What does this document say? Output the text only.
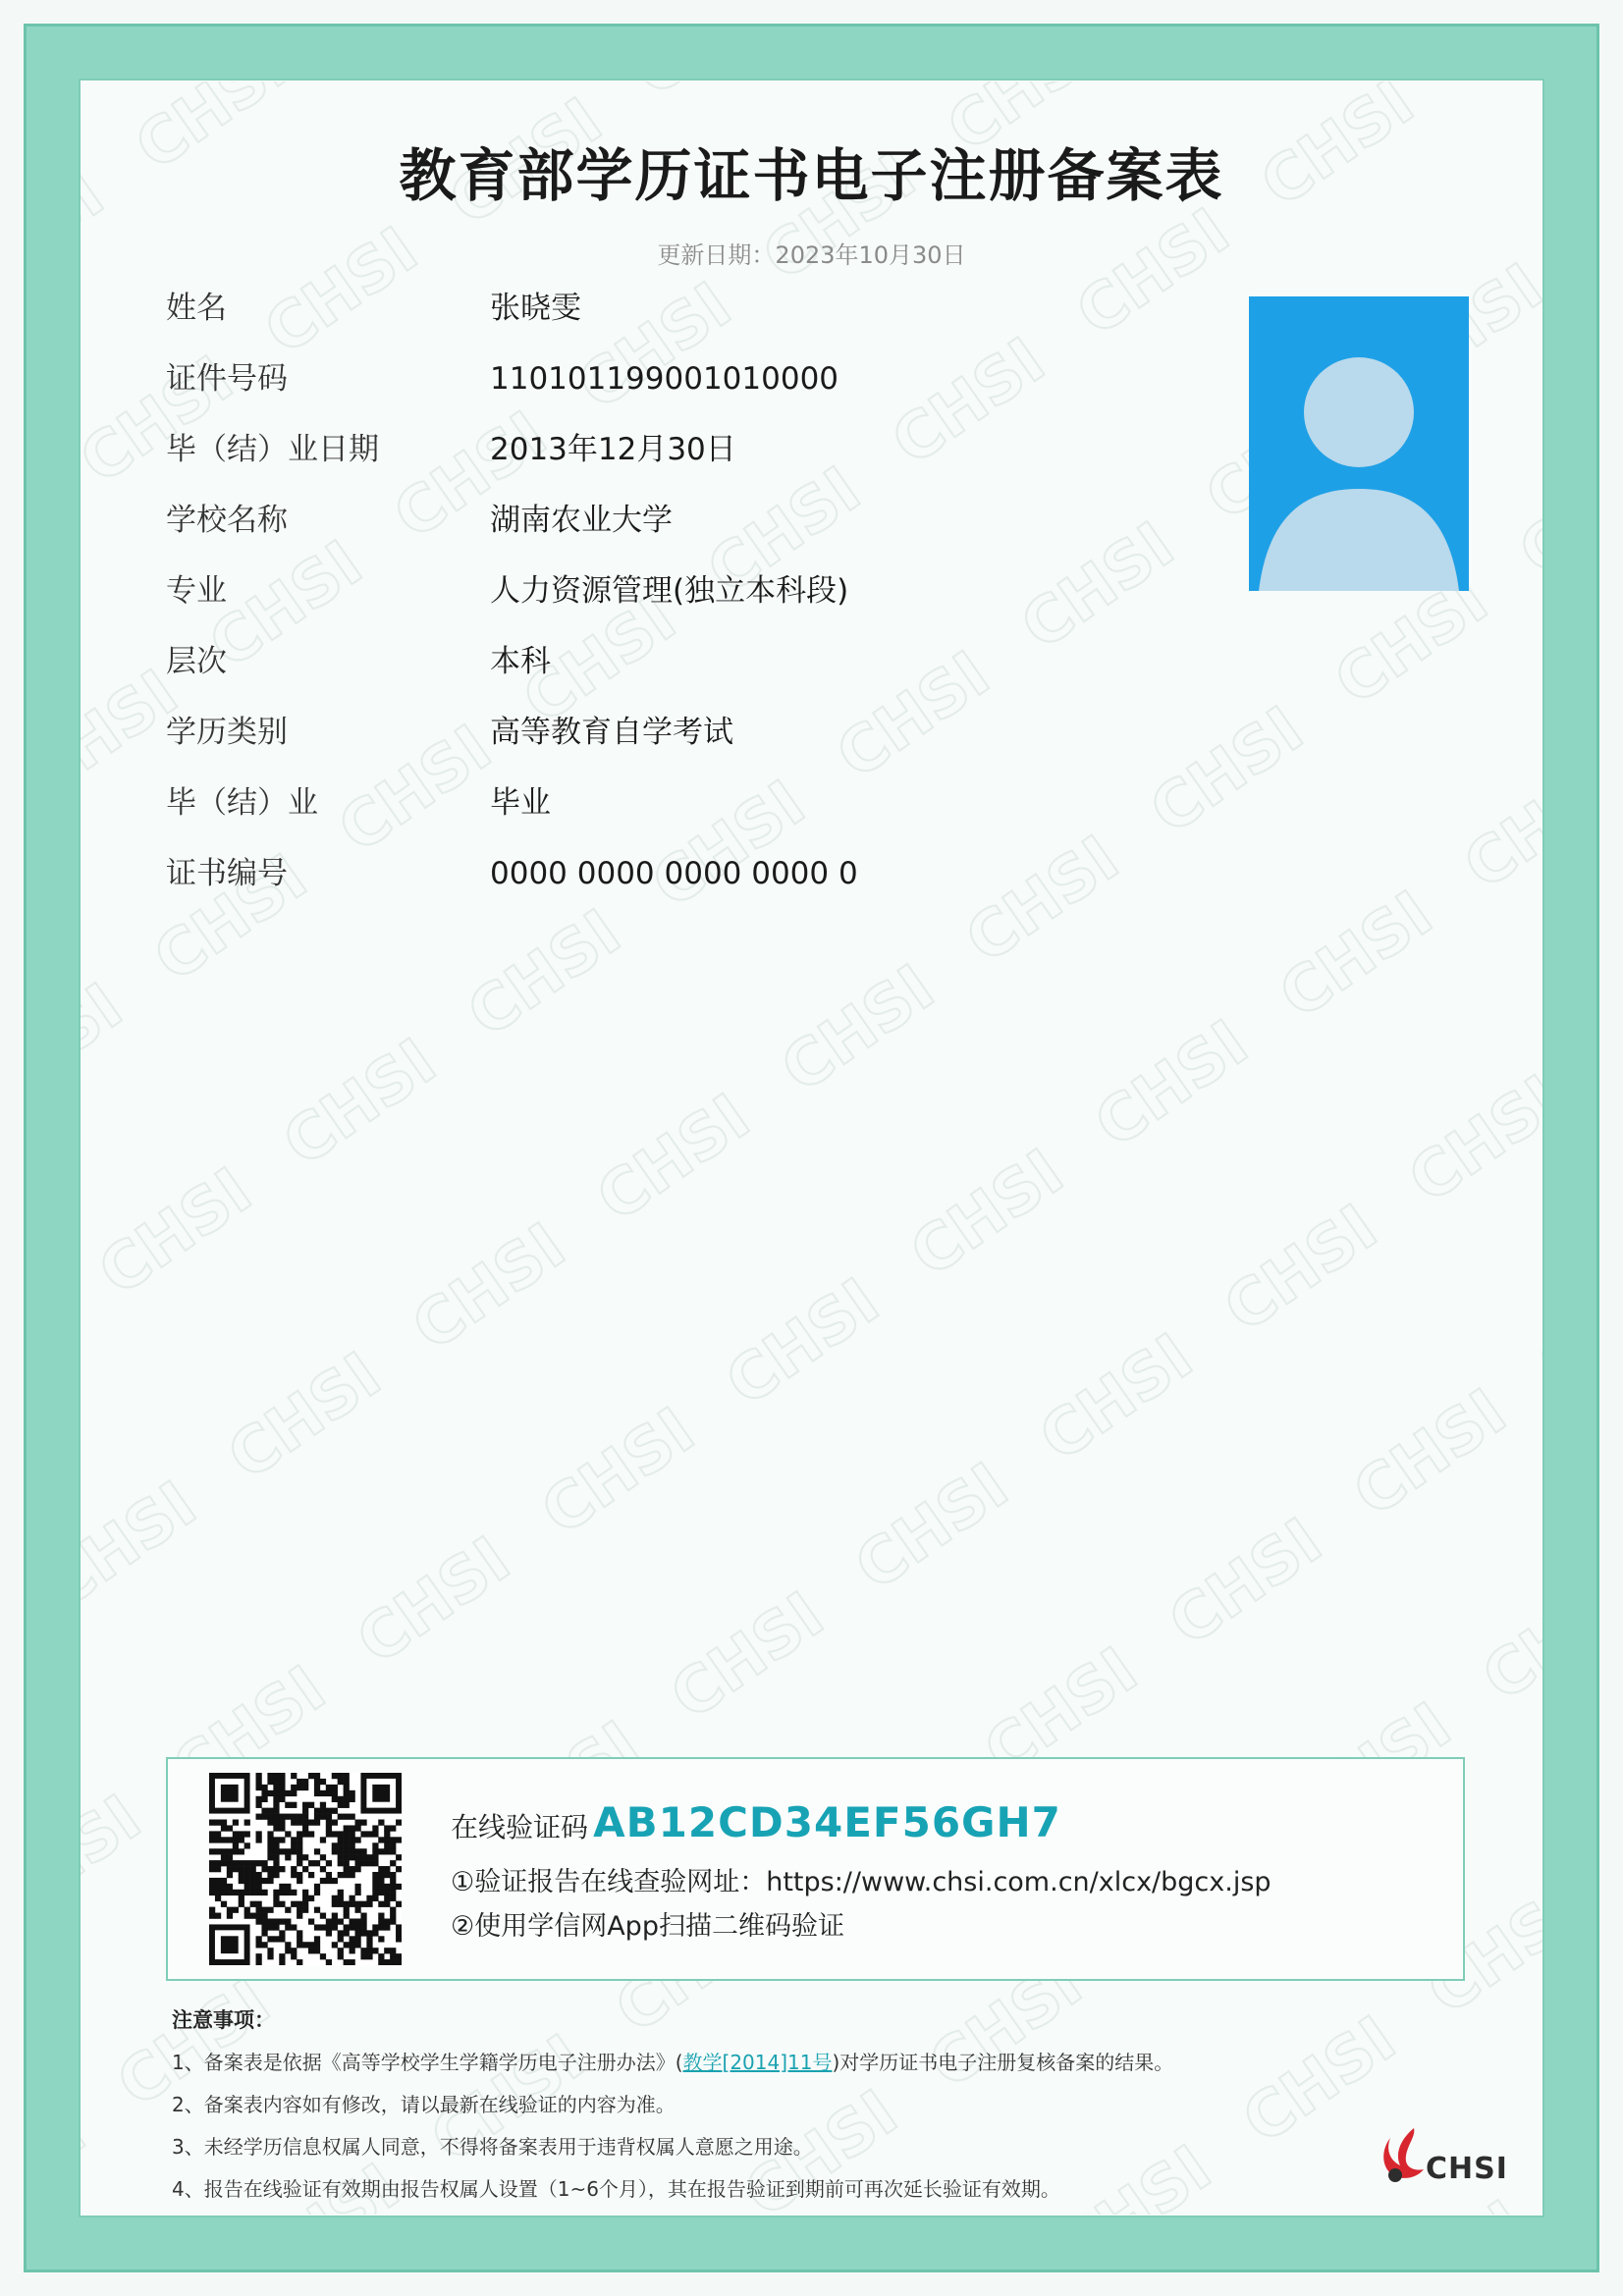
教育部学历证书电子注册备案表
更新日期：2023年10月30日
姓名	张晓雯
证件号码	110101199001010000
毕（结）业日期	2013年12月30日
学校名称	湖南农业大学
专业	人力资源管理(独立本科段)
层次	本科
学历类别	高等教育自学考试
毕（结）业	毕业
证书编号	0000 0000 0000 0000 0
在线验证码 AB12CD34EF56GH7
①验证报告在线查验网址：https://www.chsi.com.cn/xlcx/bgcx.jsp
②使用学信网App扫描二维码验证
注意事项：
1、备案表是依据《高等学校学生学籍学历电子注册办法》(教学[2014]11号)对学历证书电子注册复核备案的结果。
2、备案表内容如有修改，请以最新在线验证的内容为准。
3、未经学历信息权属人同意，不得将备案表用于违背权属人意愿之用途。
4、报告在线验证有效期由报告权属人设置（1~6个月），其在报告验证到期前可再次延长验证有效期。
CHSI
